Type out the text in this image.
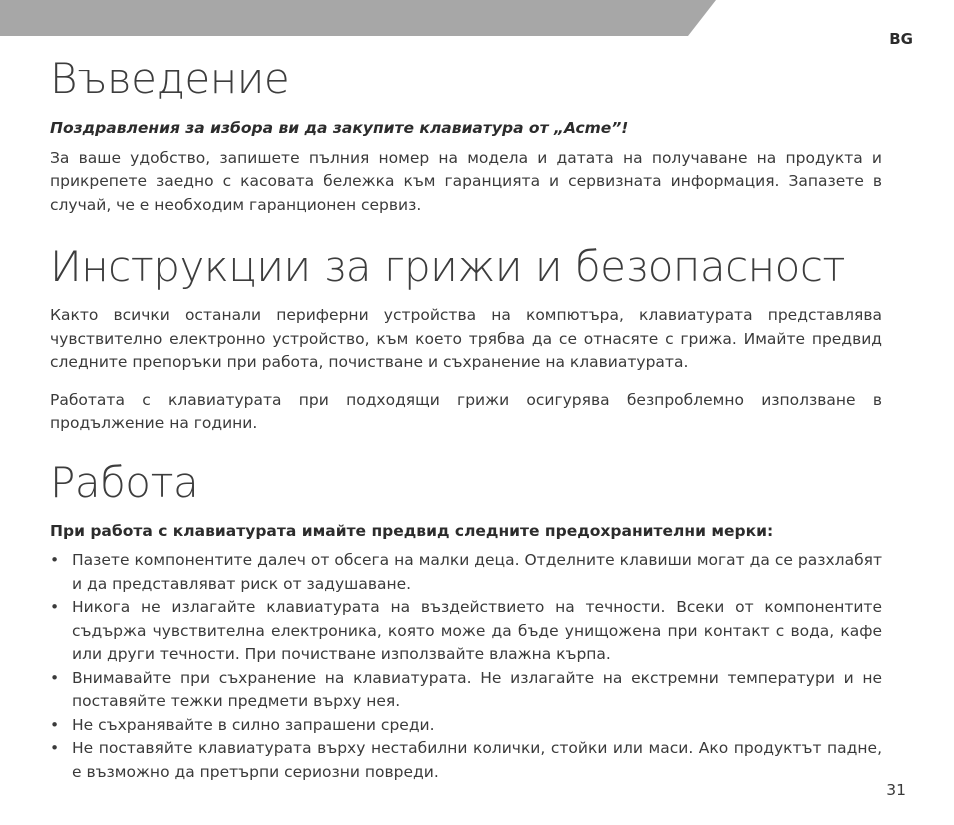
BG
Въведение

Поздравления за избора ви да закупите клавиатура от „Acme”!

За ваше удобство, запишете пълния номер на модела и датата на получаване на продукта и прикрепете заедно с касовата бележка към гаранцията и сервизната информация. Запазете в случай, че е необходим гаранционен сервиз.

Инструкции за грижи и безопасност

Както всички останали периферни устройства на компютъра, клавиатурата представлява чувствително електронно устройство, към което трябва да се отнасяте с грижа. Имайте предвид следните препоръки при работа, почистване и съхранение на клавиатурата.

Работата с клавиатурата при подходящи грижи осигурява безпроблемно използване в продължение на години.

Работа

При работа с клавиатурата имайте предвид следните предохранителни мерки:

• Пазете компонентите далеч от обсега на малки деца. Отделните клавиши могат да се разхлабят и да представляват риск от задушаване.
• Никога не излагайте клавиатурата на въздействието на течности. Всеки от компонентите съдържа чувствителна електроника, която може да бъде унищожена при контакт с вода, кафе или други течности. При почистване използвайте влажна кърпа.
• Внимавайте при съхранение на клавиатурата. Не излагайте на екстремни температури и не поставяйте тежки предмети върху нея.
• Не съхранявайте в силно запрашени среди.
• Не поставяйте клавиатурата върху нестабилни колички, стойки или маси. Ако продуктът падне, е възможно да претърпи сериозни повреди.
31
